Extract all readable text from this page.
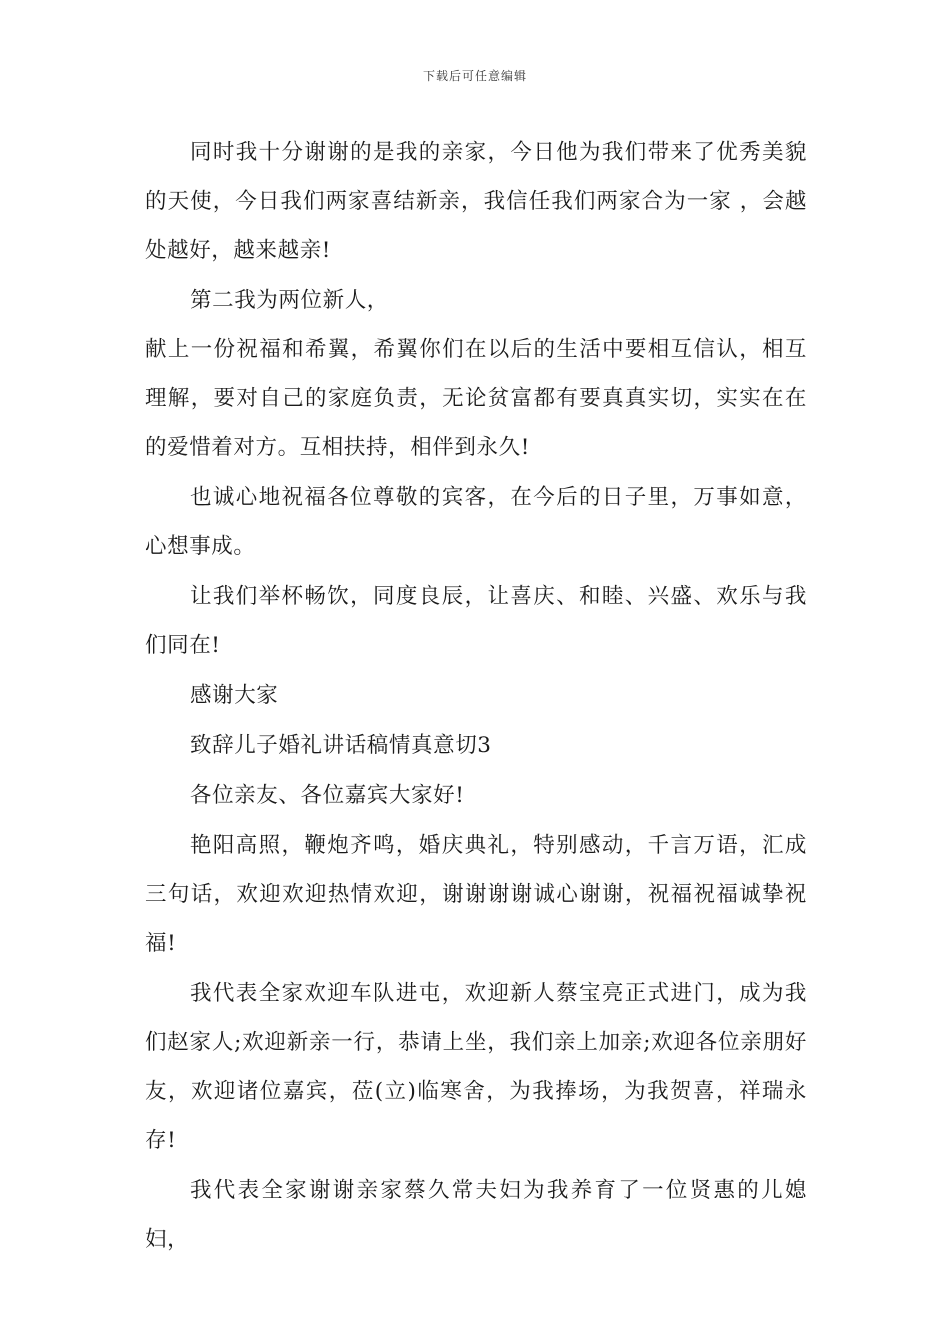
下载后可任意编辑

同时我十分谢谢的是我的亲家，今日他为我们带来了优秀美貌的天使，今日我们两家喜结新亲，我信任我们两家合为一家 ，会越处越好，越来越亲!

第二我为两位新人，

献上一份祝福和希翼，希翼你们在以后的生活中要相互信认，相互理解，要对自己的家庭负责，无论贫富都有要真真实切，实实在在的爱惜着对方。互相扶持，相伴到永久!

也诚心地祝福各位尊敬的宾客，在今后的日子里，万事如意，心想事成。

让我们举杯畅饮，同度良辰，让喜庆、和睦、兴盛、欢乐与我们同在!

感谢大家

致辞儿子婚礼讲话稿情真意切3

各位亲友、各位嘉宾大家好!

艳阳高照，鞭炮齐鸣，婚庆典礼，特别感动，千言万语，汇成三句话，欢迎欢迎热情欢迎，谢谢谢谢诚心谢谢，祝福祝福诚挚祝福!

我代表全家欢迎车队进屯，欢迎新人蔡宝亮正式进门，成为我们赵家人;欢迎新亲一行，恭请上坐，我们亲上加亲;欢迎各位亲朋好友，欢迎诸位嘉宾，莅(立)临寒舍，为我捧场，为我贺喜，祥瑞永存!

我代表全家谢谢亲家蔡久常夫妇为我养育了一位贤惠的儿媳妇，
